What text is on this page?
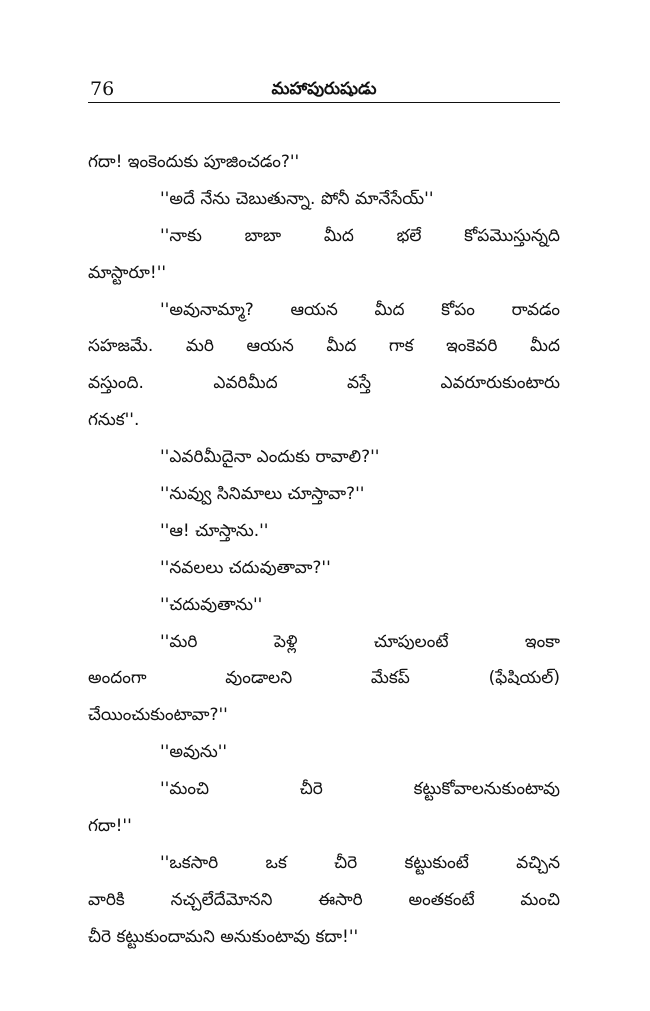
76	మహాపురుషుడు
గదా! ఇంకెందుకు పూజించడం?''
''అదే నేను చెబుతున్నా. పోనీ మానేసేయ్''
''నాకు బాబా మీద భలే కోపమొస్తున్నది
మాస్టారూ!''
''అవునామ్మా? ఆయన మీద కోపం రావడం
సహజమే. మరి ఆయన మీద గాక ఇంకెవరి మీద
వస్తుంది. ఎవరిమీద వస్తే ఎవరూరుకుంటారు
గనుక''.
''ఎవరిమీదైనా ఎందుకు రావాలి?''
''నువ్వు సినిమాలు చూస్తావా?''
''ఆ! చూస్తాను.''
''నవలలు చదువుతావా?''
''చదువుతాను''
''మరి పెళ్లి చూపులంటే ఇంకా
అందంగా వుండాలని మేకప్ (ఫేషియల్)
చేయించుకుంటావా?''
''అవును''
''మంచి చీరె కట్టుకోవాలనుకుంటావు
గదా!''
''ఒకసారి ఒక చీరె కట్టుకుంటే వచ్చిన
వారికి నచ్చలేదేమోనని ఈసారి అంతకంటే మంచి
చీరె కట్టుకుందామని అనుకుంటావు కదా!''
